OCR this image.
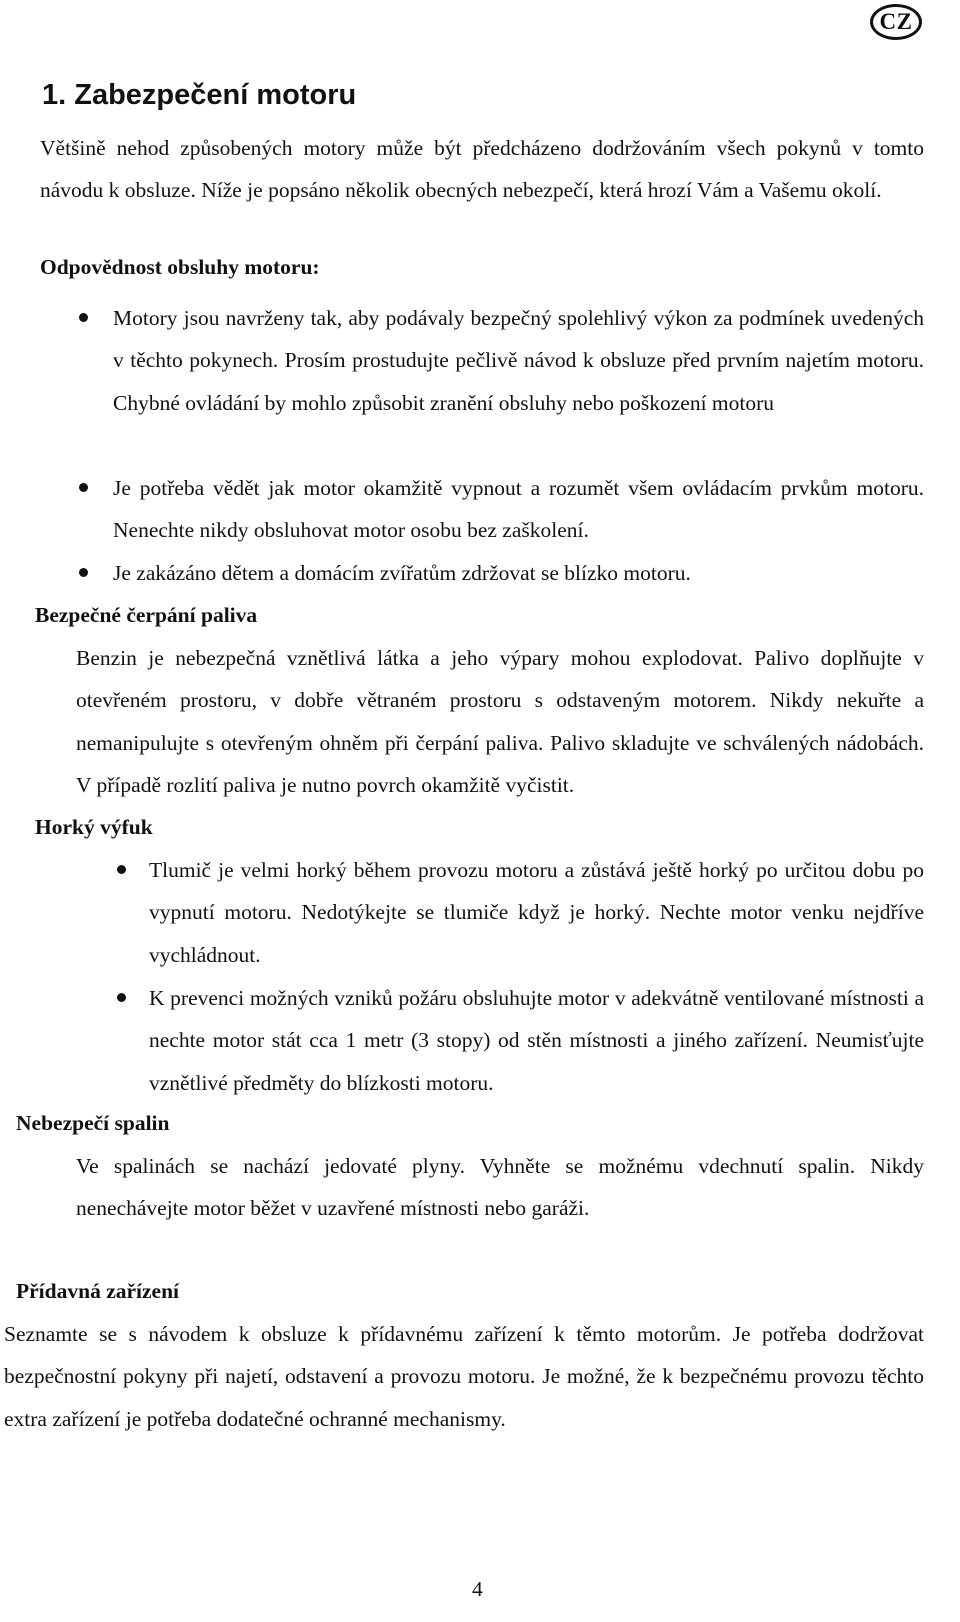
CZ
1. Zabezpečení motoru

Většině nehod způsobených motory může být předcházeno dodržováním všech pokynů v tomto návodu k obsluze. Níže je popsáno několik obecných nebezpečí, která hrozí Vám a Vašemu okolí.

Odpovědnost obsluhy motoru:

Motory jsou navrženy tak, aby podávaly bezpečný spolehlivý výkon za podmínek uvedených v těchto pokynech. Prosím prostudujte pečlivě návod k obsluze před prvním najetím motoru. Chybné ovládání by mohlo způsobit zranění obsluhy nebo poškození motoru

Je potřeba vědět jak motor okamžitě vypnout a rozumět všem ovládacím prvkům motoru. Nenechte nikdy obsluhovat motor osobu bez zaškolení.

Je zakázáno dětem a domácím zvířatům zdržovat se blízko motoru.

Bezpečné čerpání paliva

Benzin je nebezpečná vznětlivá látka a jeho výpary mohou explodovat. Palivo doplňujte v otevřeném prostoru, v dobře větraném prostoru s odstaveným motorem. Nikdy nekuřte a nemanipulujte s otevřeným ohněm při čerpání paliva. Palivo skladujte ve schválených nádobách. V případě rozlití paliva je nutno povrch okamžitě vyčistit.

Horký výfuk

Tlumič je velmi horký během provozu motoru a zůstává ještě horký po určitou dobu po vypnutí motoru. Nedotýkejte se tlumiče když je horký. Nechte motor venku nejdříve vychládnout.

K prevenci možných vzniků požáru obsluhujte motor v adekvátně ventilované místnosti a nechte motor stát cca 1 metr (3 stopy) od stěn místnosti a jiného zařízení. Neumisťujte vznětlivé předměty do blízkosti motoru.

Nebezpečí spalin

Ve spalinách se nachází jedovaté plyny. Vyhněte se možnému vdechnutí spalin. Nikdy nenechávejte motor běžet v uzavřené místnosti nebo garáži.

Přídavná zařízení

Seznamte se s návodem k obsluze k přídavnému zařízení k těmto motorům. Je potřeba dodržovat bezpečnostní pokyny při najetí, odstavení a provozu motoru. Je možné, že k bezpečnému provozu těchto extra zařízení je potřeba dodatečné ochranné mechanismy.

4
